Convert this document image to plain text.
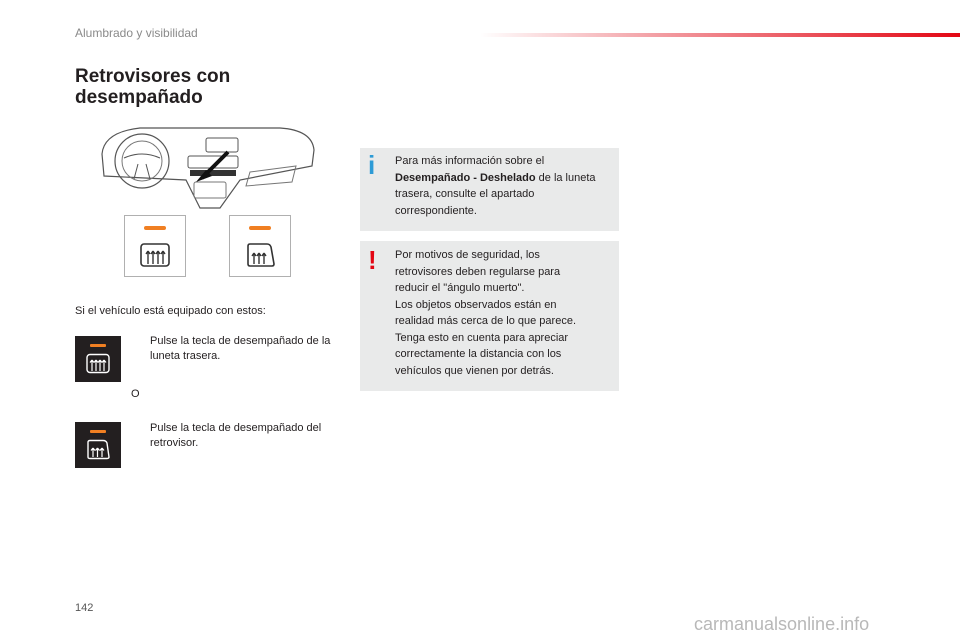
Alumbrado y visibilidad
Retrovisores con desempañado
Si el vehículo está equipado con estos:
Pulse la tecla de desempañado de la luneta trasera.
O
Pulse la tecla de desempañado del retrovisor.
i Para más información sobre el Desempañado - Deshelado de la luneta trasera, consulte el apartado correspondiente.
! Por motivos de seguridad, los
retrovisores deben regularse para
reducir el "ángulo muerto".
Los objetos observados están en
realidad más cerca de lo que parece.
Tenga esto en cuenta para apreciar
correctamente la distancia con los
vehículos que vienen por detrás.
142
carmanualsonline.info
